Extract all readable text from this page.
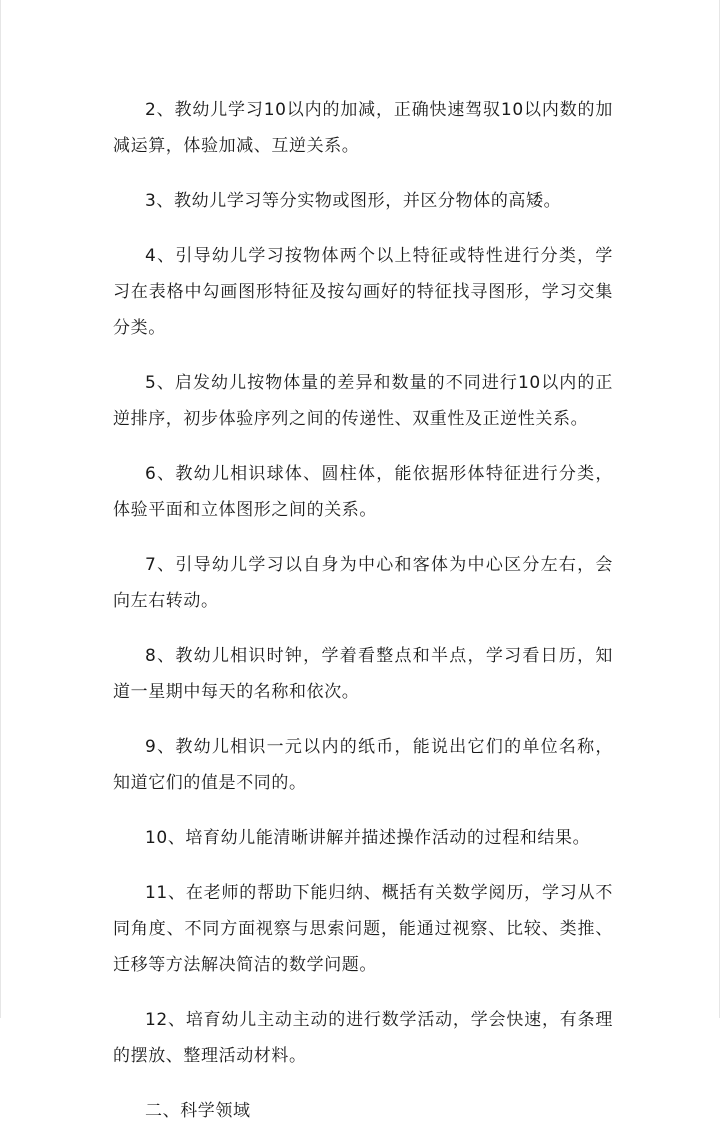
2、教幼儿学习10以内的加减，正确快速驾驭10以内数的加减运算，体验加减、互逆关系。

3、教幼儿学习等分实物或图形，并区分物体的高矮。

4、引导幼儿学习按物体两个以上特征或特性进行分类，学习在表格中勾画图形特征及按勾画好的特征找寻图形，学习交集分类。

5、启发幼儿按物体量的差异和数量的不同进行10以内的正逆排序，初步体验序列之间的传递性、双重性及正逆性关系。

6、教幼儿相识球体、圆柱体，能依据形体特征进行分类，体验平面和立体图形之间的关系。

7、引导幼儿学习以自身为中心和客体为中心区分左右，会向左右转动。

8、教幼儿相识时钟，学着看整点和半点，学习看日历，知道一星期中每天的名称和依次。

9、教幼儿相识一元以内的纸币，能说出它们的单位名称，知道它们的值是不同的。

10、培育幼儿能清晰讲解并描述操作活动的过程和结果。

11、在老师的帮助下能归纳、概括有关数学阅历，学习从不同角度、不同方面视察与思索问题，能通过视察、比较、类推、迁移等方法解决简洁的数学问题。

12、培育幼儿主动主动的进行数学活动，学会快速，有条理的摆放、整理活动材料。

二、科学领域
